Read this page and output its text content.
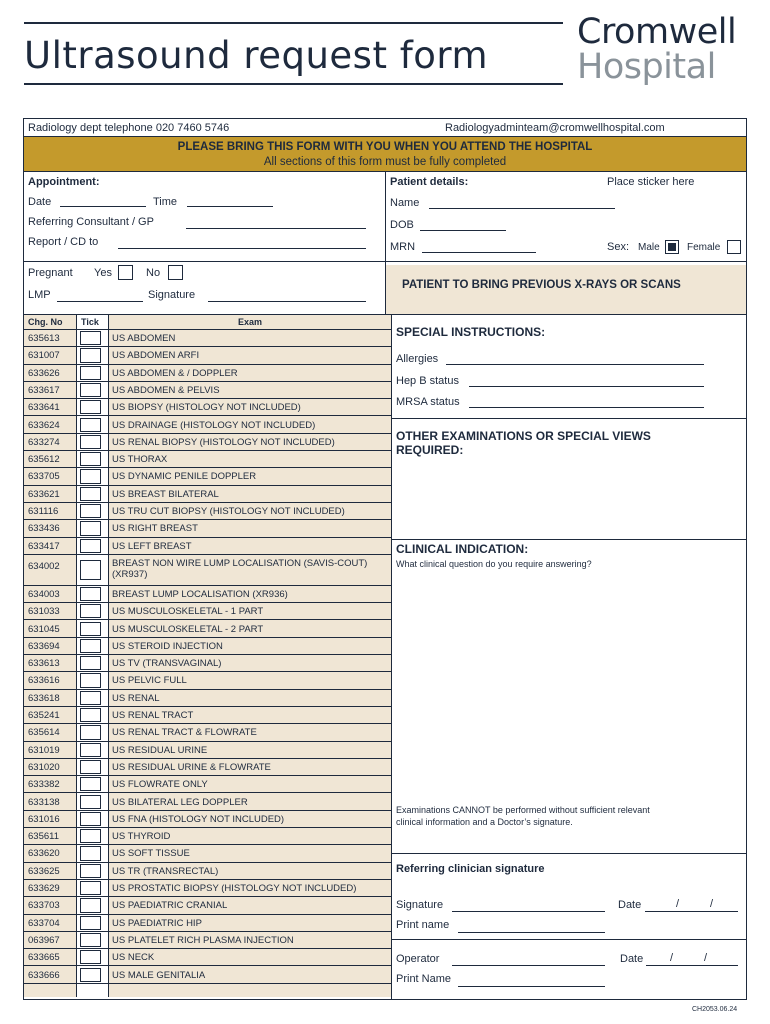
Ultrasound request form
Cromwell
Hospital
Radiology dept telephone 020 7460 5746	Radiologyadminteam@cromwellhospital.com
PLEASE BRING THIS FORM WITH YOU WHEN YOU ATTEND THE HOSPITAL
All sections of this form must be fully completed
Appointment:
Date	Time
Referring Consultant / GP
Report / CD to
Patient details:	Place sticker here
Name
DOB
MRN	Sex: Male	Female
Pregnant Yes	No
LMP	Signature
PATIENT TO BRING PREVIOUS X-RAYS OR SCANS
Chg. No Tick	Exam
635613	US ABDOMEN
631007	US ABDOMEN ARFI
633626	US ABDOMEN & / DOPPLER
633617	US ABDOMEN & PELVIS
633641	US BIOPSY (HISTOLOGY NOT INCLUDED)
633624	US DRAINAGE (HISTOLOGY NOT INCLUDED)
633274	US RENAL BIOPSY (HISTOLOGY NOT INCLUDED)
635612	US THORAX
633705	US DYNAMIC PENILE DOPPLER
633621	US BREAST BILATERAL
631116	US TRU CUT BIOPSY (HISTOLOGY NOT INCLUDED)
633436	US RIGHT BREAST
633417	US LEFT BREAST
634002	BREAST NON WIRE LUMP LOCALISATION (SAVIS-COUT) (XR937)
634003	BREAST LUMP LOCALISATION (XR936)
631033	US MUSCULOSKELETAL - 1 PART
631045	US MUSCULOSKELETAL - 2 PART
633694	US STEROID INJECTION
633613	US TV (TRANSVAGINAL)
633616	US PELVIC FULL
633618	US RENAL
635241	US RENAL TRACT
635614	US RENAL TRACT & FLOWRATE
631019	US RESIDUAL URINE
631020	US RESIDUAL URINE & FLOWRATE
633382	US FLOWRATE ONLY
633138	US BILATERAL LEG DOPPLER
631016	US FNA (HISTOLOGY NOT INCLUDED)
635611	US THYROID
633620	US SOFT TISSUE
633625	US TR (TRANSRECTAL)
633629	US PROSTATIC BIOPSY (HISTOLOGY NOT INCLUDED)
633703	US PAEDIATRIC CRANIAL
633704	US PAEDIATRIC HIP
063967	US PLATELET RICH PLASMA INJECTION
633665	US NECK
633666	US MALE GENITALIA
SPECIAL INSTRUCTIONS:
Allergies
Hep B status
MRSA status
OTHER EXAMINATIONS OR SPECIAL VIEWS
REQUIRED:
CLINICAL INDICATION:
What clinical question do you require answering?
Examinations CANNOT be performed without sufficient relevant
clinical information and a Doctor’s signature.
Referring clinician signature
Signature	Date	/	/
Print name
Operator	Date /	/
Print Name
CH2053.06.24
